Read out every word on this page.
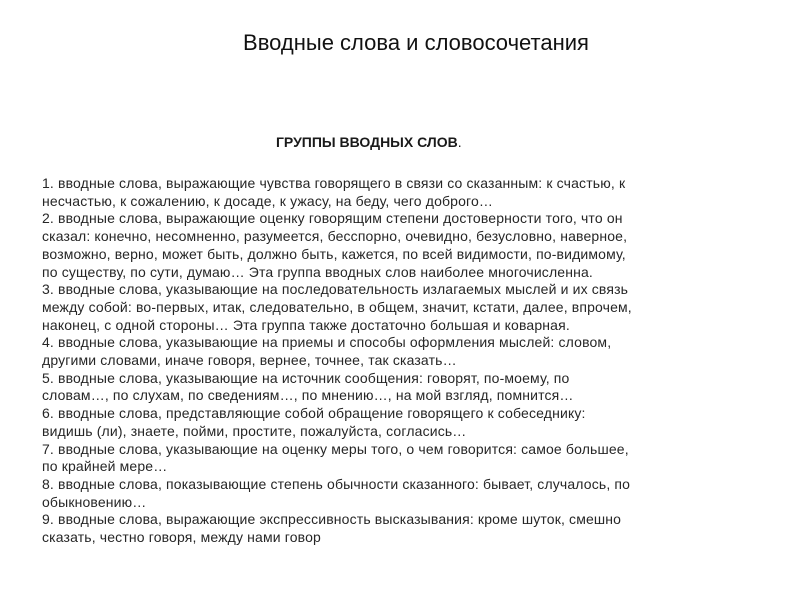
Вводные слова и словосочетания
ГРУППЫ ВВОДНЫХ СЛОВ.
1. вводные слова, выражающие чувства говорящего в связи со сказанным: к счастью, к
несчастью, к сожалению, к досаде, к ужасу, на беду, чего доброго…
2. вводные слова, выражающие оценку говорящим степени достоверности того, что он
сказал: конечно, несомненно, разумеется, бесспорно, очевидно, безусловно, наверное,
возможно, верно, может быть, должно быть, кажется, по всей видимости, по-видимому,
по существу, по сути, думаю… Эта группа вводных слов наиболее многочисленна.
3. вводные слова, указывающие на последовательность излагаемых мыслей и их связь
между собой: во-первых, итак, следовательно, в общем, значит, кстати, далее, впрочем,
наконец, с одной стороны… Эта группа также достаточно большая и коварная.
4. вводные слова, указывающие на приемы и способы оформления мыслей: словом,
другими словами, иначе говоря, вернее, точнее, так сказать…
5. вводные слова, указывающие на источник сообщения: говорят, по-моему, по
словам…, по слухам, по сведениям…, по мнению…, на мой взгляд, помнится…
6. вводные слова, представляющие собой обращение говорящего к собеседнику:
видишь (ли), знаете, пойми, простите, пожалуйста, согласись…
7. вводные слова, указывающие на оценку меры того, о чем говорится: самое большее,
по крайней мере…
8. вводные слова, показывающие степень обычности сказанного: бывает, случалось, по
обыкновению…
9. вводные слова, выражающие экспрессивность высказывания: кроме шуток, смешно
сказать, честно говоря, между нами говор
